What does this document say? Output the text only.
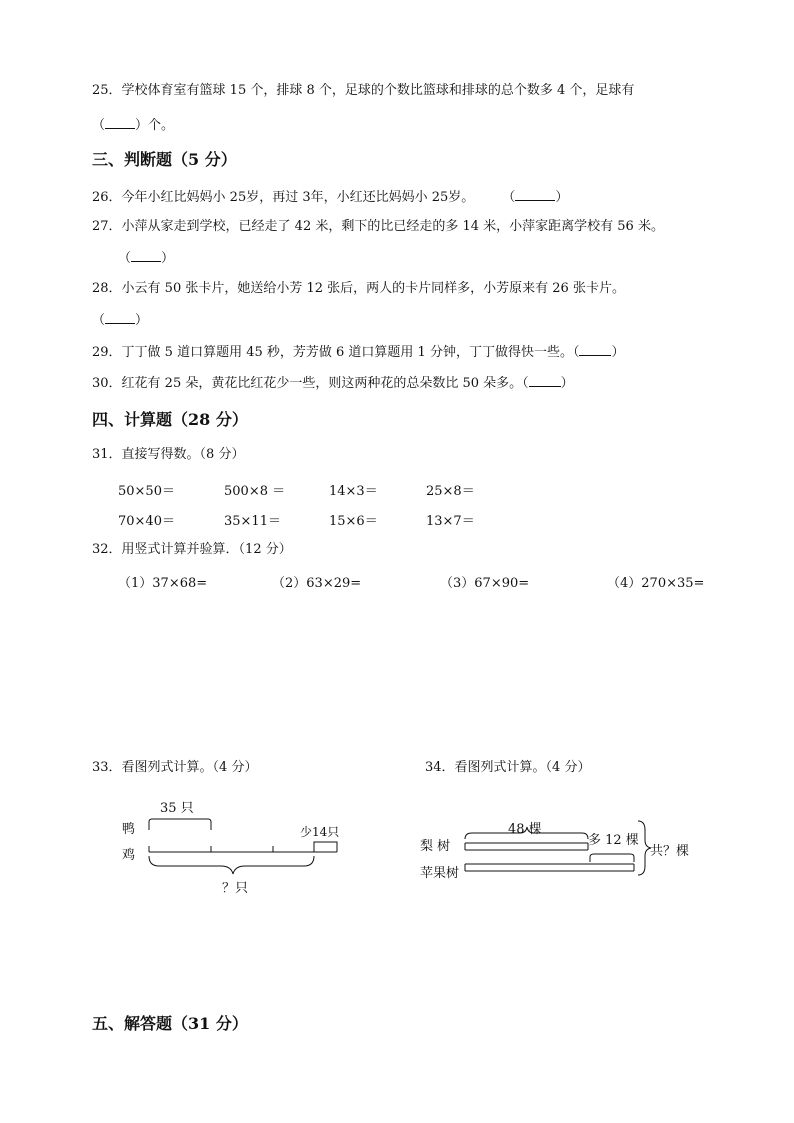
25．学校体育室有篮球 15 个，排球 8 个，足球的个数比篮球和排球的总个数多 4 个，足球有
（ ）个。
三、判断题（5 分）
26．今年小红比妈妈小 25岁，再过 3年，小红还比妈妈小 25岁。 （	）
27．小萍从家走到学校，已经走了 42 米，剩下的比已经走的多 14 米，小萍家距离学校有 56 米。
（ ）
28．小云有 50 张卡片，她送给小芳 12 张后，两人的卡片同样多，小芳原来有 26 张卡片。
（ ）
29．丁丁做 5 道口算题用 45 秒，芳芳做 6 道口算题用 1 分钟，丁丁做得快一些。（ ）
30．红花有 25 朵，黄花比红花少一些，则这两种花的总朵数比 50 朵多。（ ）
四、计算题（28 分）
31．直接写得数。（8 分）
50×50＝	500×8 ＝	14×3＝	25×8＝
70×40＝	35×11＝	15×6＝	13×7＝
32．用竖式计算并验算．（12 分）
（1）37×68=	（2）63×29=	（3）67×90=	（4）270×35=
33．看图列式计算。（4 分）	34．看图列式计算。（4 分）
35 只
鸭
鸡
少14只
？只
48 棵
多 12 棵
梨 树
苹果树
共？棵
五、解答题（31 分）
